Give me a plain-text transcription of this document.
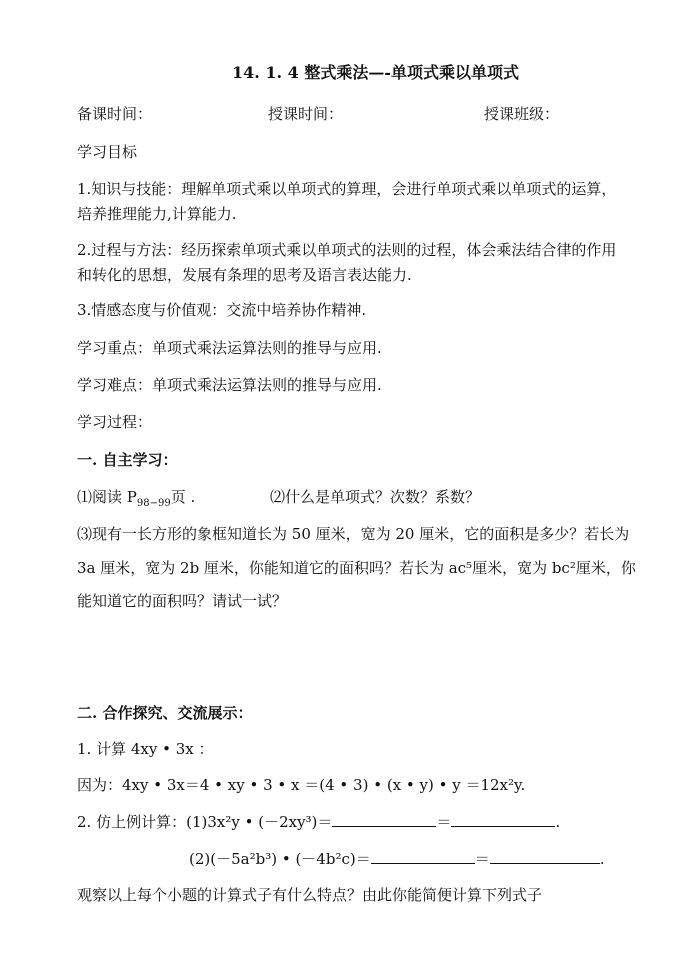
14. 1. 4 整式乘法—-单项式乘以单项式
备课时间：	授课时间：	授课班级：
学习目标
1.知识与技能：理解单项式乘以单项式的算理，会进行单项式乘以单项式的运算，
培养推理能力,计算能力.
2.过程与方法：经历探索单项式乘以单项式的法则的过程，体会乘法结合律的作用
和转化的思想，发展有条理的思考及语言表达能力.
3.情感态度与价值观：交流中培养协作精神.
学习重点：单项式乘法运算法则的推导与应用.
学习难点：单项式乘法运算法则的推导与应用.
学习过程：
一. 自主学习：
⑴阅读 $P_{98-99}$页 .	⑵什么是单项式？次数？系数？
⑶现有一长方形的象框知道长为 50 厘米，宽为 20 厘米，它的面积是多少？若长为
3a 厘米，宽为 2b 厘米，你能知道它的面积吗？若长为 ac⁵厘米，宽为 bc²厘米，你
能知道它的面积吗？请试一试？
二. 合作探究、交流展示：
1. 计算 4xy • 3x ：
因为：4xy • 3x＝4 • xy • 3 • x ＝(4 • 3) • (x • y) • y ＝12x²y.
2. 仿上例计算：(1)3x²y • (－2xy³)＝	＝	.
(2)(－5a²b³) • (－4b²c)＝	＝	.
观察以上每个小题的计算式子有什么特点？由此你能简便计算下列式子
